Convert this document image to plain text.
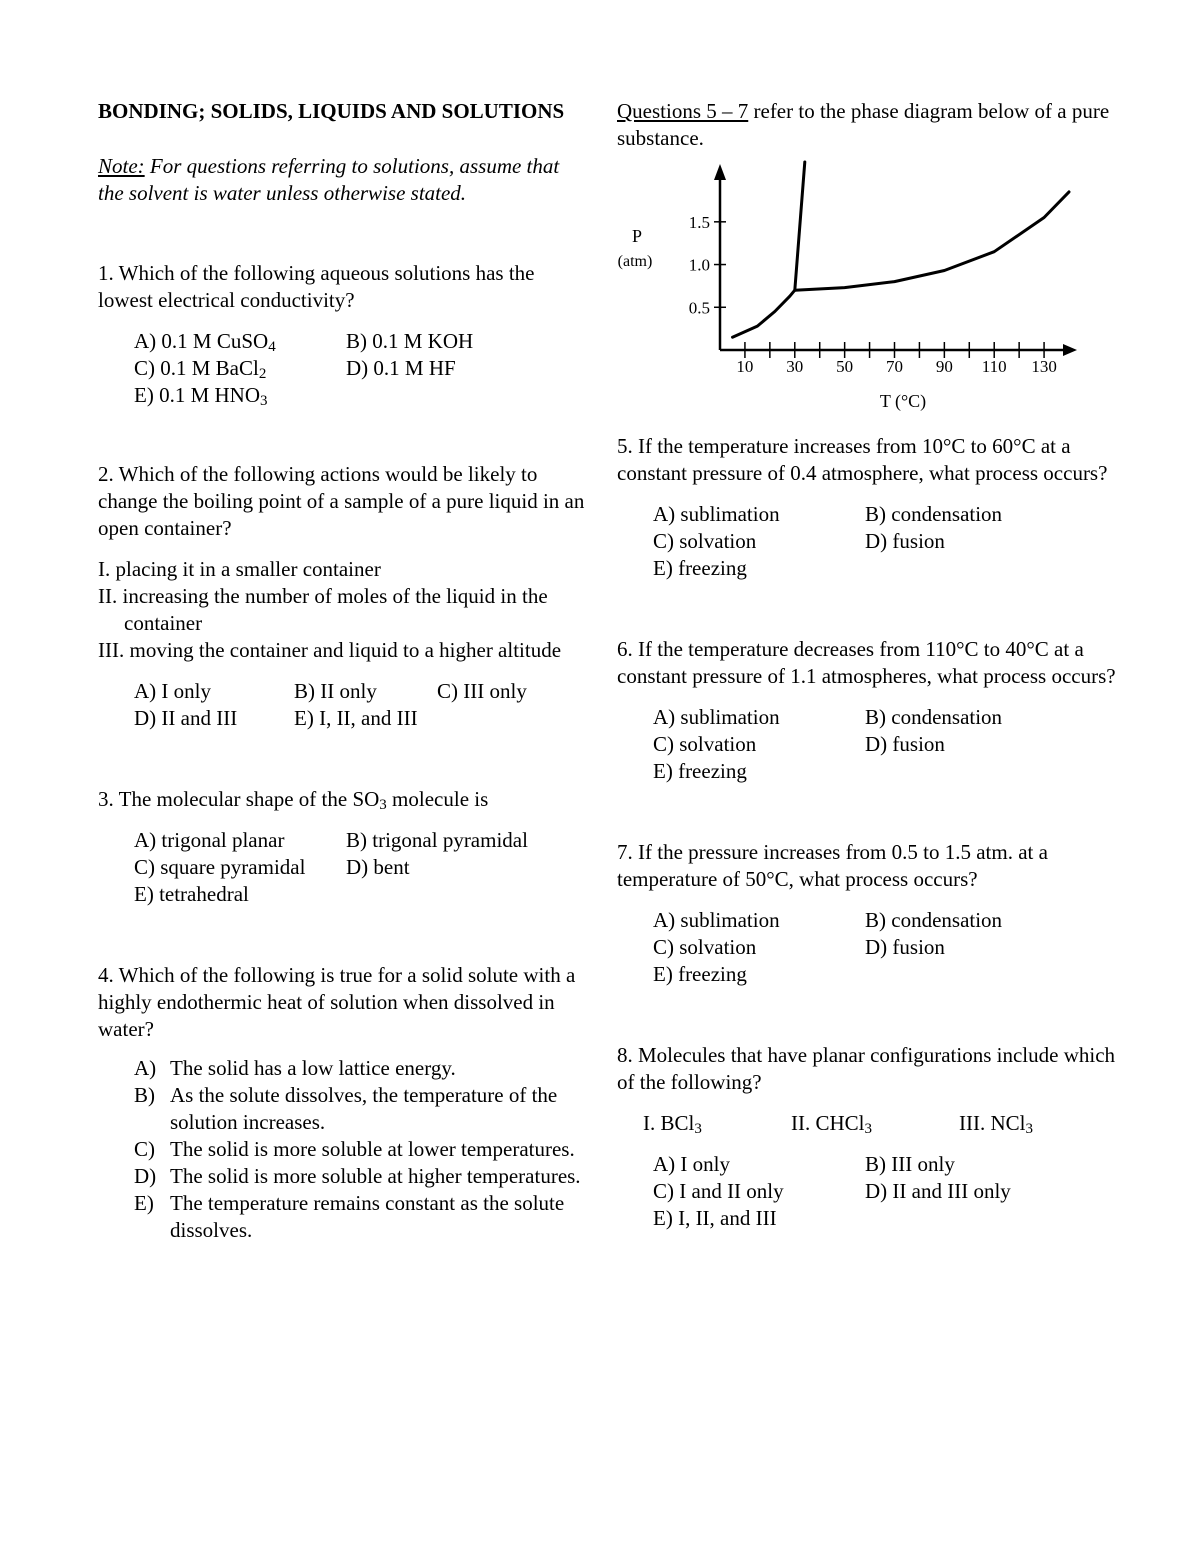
BONDING; SOLIDS, LIQUIDS AND SOLUTIONS
Note: For questions referring to solutions, assume that the solvent is water unless otherwise stated.

1. Which of the following aqueous solutions has the lowest electrical conductivity?

A) 0.1 M CuSO$_4$	B) 0.1 M KOH
C) 0.1 M BaCl$_2$	D) 0.1 M HF
E) 0.1 M $HNO_3$

2. Which of the following actions would be likely to change the boiling point of a sample of a pure liquid in an open container?

I. placing it in a smaller container
II. increasing the number of moles of the liquid in the container
III. moving the container and liquid to a higher altitude
A) I only	B) II only	C) III only
D) II and III	E) I, II, and III

3. The molecular shape of the $SO_3$ molecule is

A) trigonal planar	B) trigonal pyramidal
C) square pyramidal	D) bent
E) tetrahedral

4. Which of the following is true for a solid solute with a highly endothermic heat of solution when dissolved in water?

A) The solid has a low lattice energy.
B) As the solute dissolves, the temperature of the solution increases.
C) The solid is more soluble at lower temperatures.
D) The solid is more soluble at higher temperatures.
E) The temperature remains constant as the solute dissolves.

Questions 5 – 7 refer to the phase diagram below of a pure substance.

10 30 50 70 90 110 130
0.5
1.0
1.5
P
(atm)
T (°C)

5. If the temperature increases from 10°C to 60°C at a constant pressure of 0.4 atmosphere, what process occurs?

A) sublimation	B) condensation
C) solvation	D) fusion
E) freezing

6. If the temperature decreases from 110°C to 40°C at a constant pressure of 1.1 atmospheres, what process occurs?

A) sublimation	B) condensation
C) solvation	D) fusion
E) freezing

7. If the pressure increases from 0.5 to 1.5 atm. at a temperature of 50°C, what process occurs?

A) sublimation	B) condensation
C) solvation	D) fusion
E) freezing

8. Molecules that have planar configurations include which of the following?

I. BCl$_3$	II. CHCl$_3$	III. NCl$_3$
A) I only	B) III only
C) I and II only	D) II and III only
E) I, II, and III
